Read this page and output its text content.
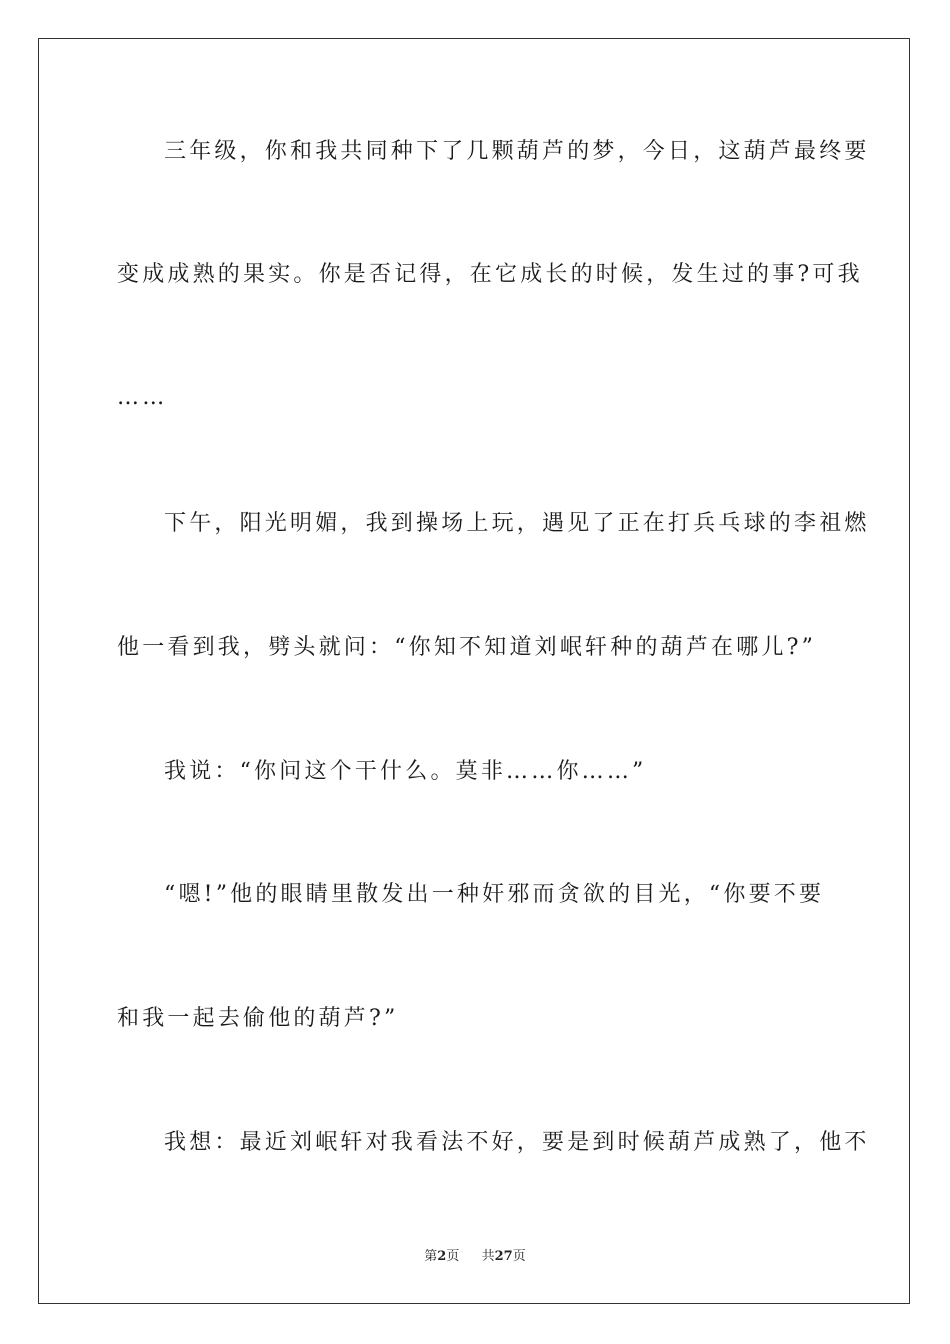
三年级，你和我共同种下了几颗葫芦的梦，今日，这葫芦最终要
变成成熟的果实。你是否记得，在它成长的时候，发生过的事?可我
……
下午，阳光明媚，我到操场上玩，遇见了正在打兵乓球的李祖燃
他一看到我，劈头就问：“你知不知道刘岷轩种的葫芦在哪儿?”
我说：“你问这个干什么。莫非……你……”
“嗯!”他的眼睛里散发出一种奸邪而贪欲的目光，“你要不要
和我一起去偷他的葫芦?”
我想：最近刘岷轩对我看法不好，要是到时候葫芦成熟了，他不
第2页 共27页
